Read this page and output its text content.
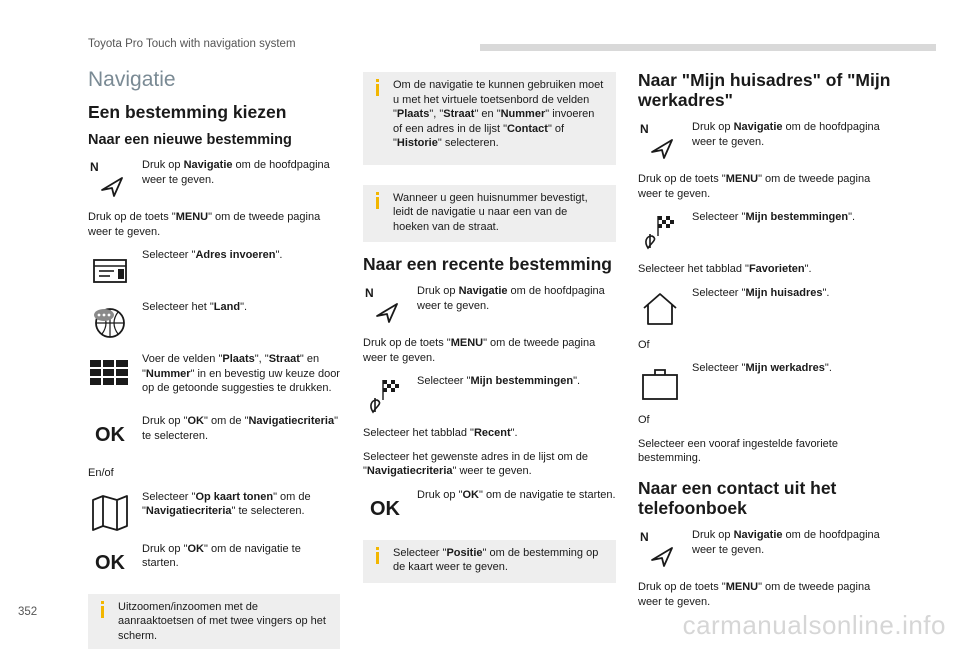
Toyota Pro Touch with navigation system
Navigatie
Een bestemming kiezen
Naar een nieuwe bestemming
N	Druk op Navigatie om de hoofdpagina weer te geven.

Druk op de toets "MENU" om de tweede pagina weer te geven.

Selecteer "Adres invoeren".
Selecteer het "Land".
Voer de velden "Plaats", "Straat" en "Nummer" in en bevestig uw keuze door op de getoonde suggesties te drukken.
OK
Druk op "OK" om de "Navigatiecriteria" te selecteren.

En/of

Selecteer "Op kaart tonen" om de "Navigatiecriteria" te selecteren.
OK
Druk op "OK" om de navigatie te starten.
Uitzoomen/inzoomen met de aanraaktoetsen of met twee vingers op het scherm.
Om de navigatie te kunnen gebruiken moet u met het virtuele toetsenbord de velden "Plaats", "Straat" en "Nummer" invoeren of een adres in de lijst "Contact" of "Historie" selecteren.
Wanneer u geen huisnummer bevestigt, leidt de navigatie u naar een van de hoeken van de straat.
Naar een recente bestemming
N	Druk op Navigatie om de hoofdpagina weer te geven.

Druk op de toets "MENU" om de tweede pagina weer te geven.

Selecteer "Mijn bestemmingen".

Selecteer het tabblad "Recent".

Selecteer het gewenste adres in de lijst om de "Navigatiecriteria" weer te geven.

OK
Druk op "OK" om de navigatie te starten.
Selecteer "Positie" om de bestemming op de kaart weer te geven.
Naar "Mijn huisadres" of "Mijn werkadres"
N	Druk op Navigatie om de hoofdpagina weer te geven.

Druk op de toets "MENU" om de tweede pagina weer te geven.

Selecteer "Mijn bestemmingen".

Selecteer het tabblad "Favorieten".

Selecteer "Mijn huisadres".

Of

Selecteer "Mijn werkadres".

Of

Selecteer een vooraf ingestelde favoriete bestemming.

Naar een contact uit het telefoonboek
N	Druk op Navigatie om de hoofdpagina weer te geven.

Druk op de toets "MENU" om de tweede pagina weer te geven.

352	carmanualsonline.info
